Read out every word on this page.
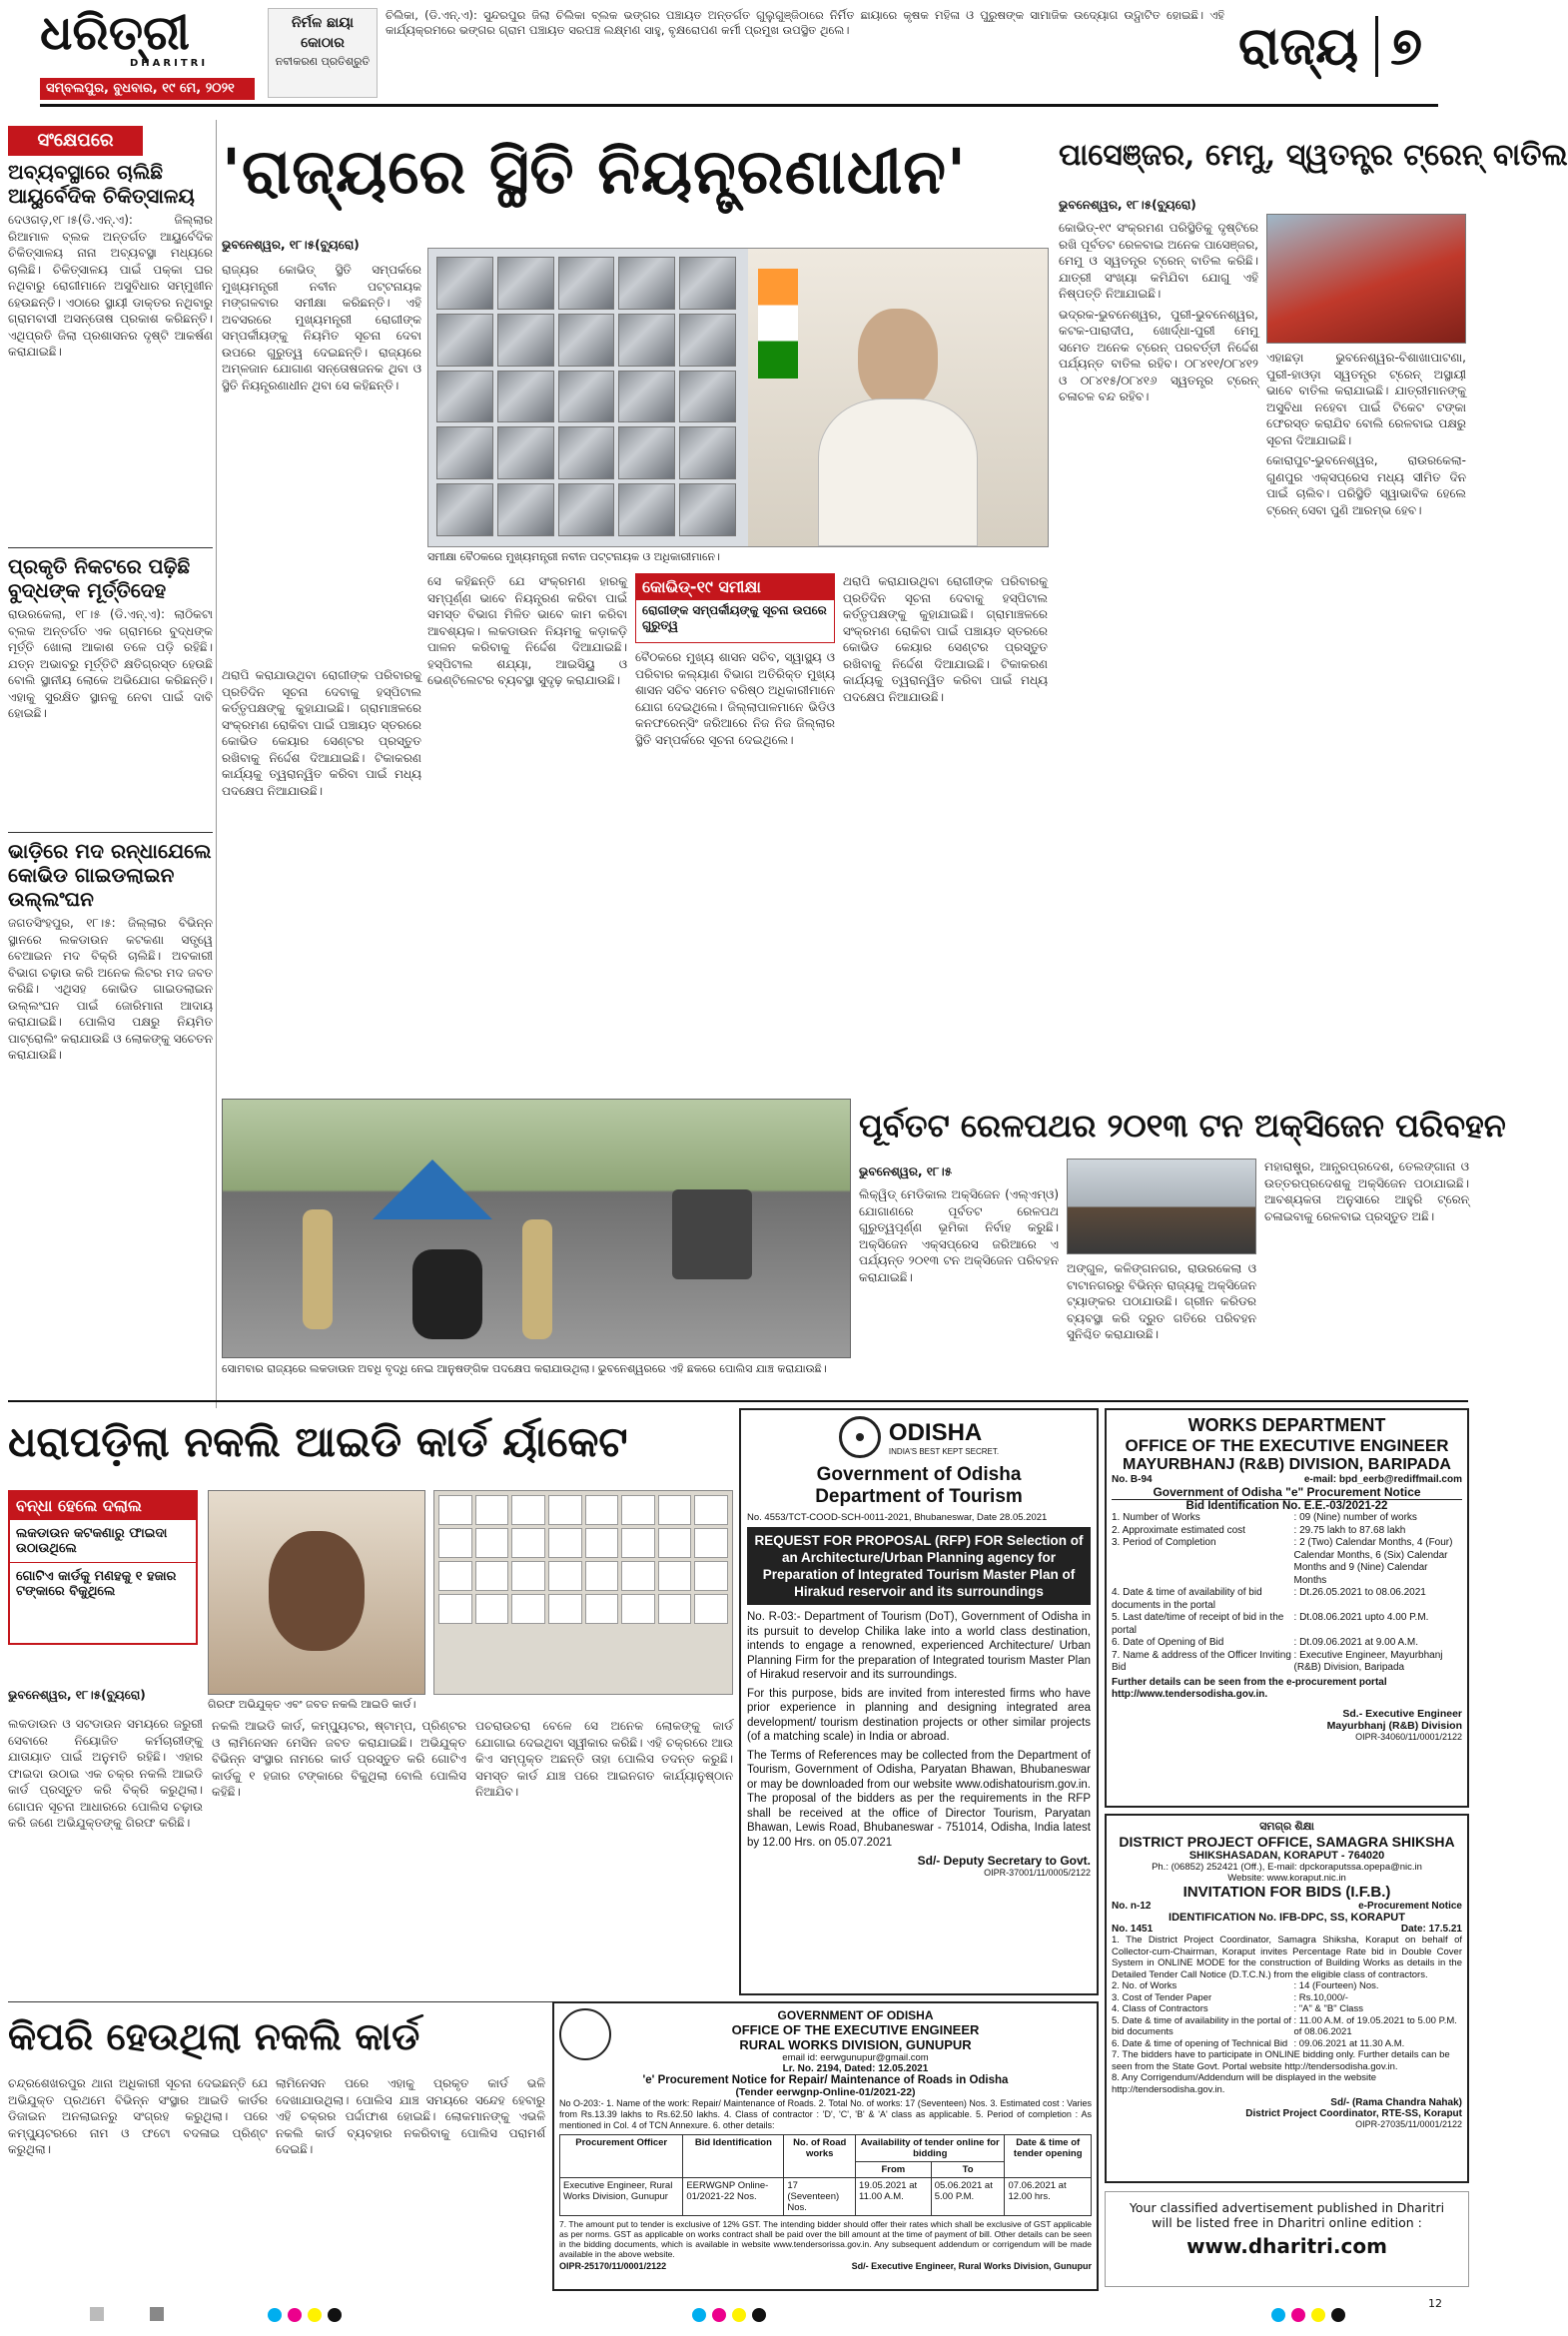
ଧରିତ୍ରୀ
DHARITRI
ସମ୍ବଲପୁର, ବୁଧବାର, ୧୯ ମେ, ୨୦୨୧
ନିର୍ମଳ ଛାୟା
କୋଠାର
ନବୀକରଣ ପ୍ରତିଶ୍ରୁତି
ଚିଲିକା, (ଡି.ଏନ୍.ଏ): ସୁନ୍ଦରପୁର ଜିଲା ଚିଲିକା ବ୍ଲକ ଭଙ୍ଗର ପଞ୍ଚାୟତ ଅନ୍ତର୍ଗତ ଗୁଲୁଗୁଞ୍ଜିଠାରେ ନିର୍ମିତ ଛାୟାରେ କୃଷକ ମହିଳା ଓ ପୁରୁଷଙ୍କ ସାମାଜିକ ଉଦ୍ୟୋଗ ଉଦ୍ଘାଟିତ ହୋଇଛି। ଏହି କାର୍ଯ୍ୟକ୍ରମରେ ଭଙ୍ଗର ଗ୍ରାମ ପଞ୍ଚାୟତ ସରପଞ୍ଚ ଲକ୍ଷ୍ମଣ ସାହୁ, ବୃକ୍ଷରୋପଣ କର୍ମୀ ପ୍ରମୁଖ ଉପସ୍ଥିତ ଥିଲେ।	ରାଜ୍ୟ ୭
ସଂକ୍ଷେପରେ
ଅବ୍ୟବସ୍ଥାରେ ଚାଲିଛି ଆୟୁର୍ବେଦିକ ଚିକିତ୍ସାଳୟ
ଦେଓଗଡ଼,୧୮।୫(ଡି.ଏନ୍.ଏ): ଜିଲ୍ଲାର ରିଆମାଳ ବ୍ଲକ ଅନ୍ତର୍ଗତ ଆୟୁର୍ବେଦିକ ଚିକିତ୍ସାଳୟ ନାନା ଅବ୍ୟବସ୍ଥା ମଧ୍ୟରେ ଚାଲିଛି। ଚିକିତ୍ସାଳୟ ପାଇଁ ପକ୍କା ଘର ନଥିବାରୁ ରୋଗୀମାନେ ଅସୁବିଧାର ସମ୍ମୁଖୀନ ହେଉଛନ୍ତି। ଏଠାରେ ସ୍ଥାୟୀ ଡାକ୍ତର ନଥିବାରୁ ଗ୍ରାମବାସୀ ଅସନ୍ତୋଷ ପ୍ରକାଶ କରିଛନ୍ତି। ଏଥିପ୍ରତି ଜିଲା ପ୍ରଶାସନର ଦୃଷ୍ଟି ଆକର୍ଷଣ କରାଯାଇଛି।
ପ୍ରକୃତି ନିକଟରେ ପଢ଼ିଛି ବୁଦ୍ଧଙ୍କ ମୂର୍ତ୍ତିଦେହ
ରାଉରକେଲା, ୧୮।୫ (ଡି.ଏନ୍.ଏ): ଲାଠିକଟା ବ୍ଲକ ଅନ୍ତର୍ଗତ ଏକ ଗ୍ରାମରେ ବୁଦ୍ଧଙ୍କ ମୂର୍ତ୍ତି ଖୋଲା ଆକାଶ ତଳେ ପଡ଼ି ରହିଛି। ଯତ୍ନ ଅଭାବରୁ ମୂର୍ତ୍ତିଟି କ୍ଷତିଗ୍ରସ୍ତ ହେଉଛି ବୋଲି ସ୍ଥାନୀୟ ଲୋକେ ଅଭିଯୋଗ କରିଛନ୍ତି। ଏହାକୁ ସୁରକ୍ଷିତ ସ୍ଥାନକୁ ନେବା ପାଇଁ ଦାବି ହୋଇଛି।
ଭାଡ଼ିରେ ମଦ ରନ୍ଧାଯେଲେ କୋଭିଡ ଗାଇଡଲାଇନ ଉଲ୍ଲଂଘନ
ଜଗତସିଂହପୁର, ୧୮।୫: ଜିଲ୍ଲାର ବିଭିନ୍ନ ସ୍ଥାନରେ ଲକଡାଉନ କଟକଣା ସତ୍ତ୍ୱେ ବେଆଇନ ମଦ ବିକ୍ରି ଚାଲିଛି। ଅବକାରୀ ବିଭାଗ ଚଢ଼ାଉ କରି ଅନେକ ଲିଟର ମଦ ଜବତ କରିଛି। ଏଥିସହ କୋଭିଡ ଗାଇଡଲାଇନ ଉଲ୍ଲଂଘନ ପାଇଁ ଜୋରିମାନା ଆଦାୟ କରାଯାଇଛି। ପୋଲିସ ପକ୍ଷରୁ ନିୟମିତ ପାଟ୍ରୋଲିଂ କରାଯାଉଛି ଓ ଲୋକଙ୍କୁ ସଚେତନ କରାଯାଉଛି।
'ରାଜ୍ୟରେ ସ୍ଥିତି ନିୟନ୍ତ୍ରଣାଧୀନ'
ଭୁବନେଶ୍ୱର, ୧୮।୫(ବ୍ୟୁରୋ)
ରାଜ୍ୟର କୋଭିଡ୍ ସ୍ଥିତି ସମ୍ପର୍କରେ ମୁଖ୍ୟମନ୍ତ୍ରୀ ନବୀନ ପଟ୍ଟନାୟକ ମଙ୍ଗଳବାର ସମୀକ୍ଷା କରିଛନ୍ତି। ଏହି ଅବସରରେ ମୁଖ୍ୟମନ୍ତ୍ରୀ ରୋଗୀଙ୍କ ସମ୍ପର୍କୀୟଙ୍କୁ ନିୟମିତ ସୂଚନା ଦେବା ଉପରେ ଗୁରୁତ୍ୱ ଦେଇଛନ୍ତି। ରାଜ୍ୟରେ ଅମ୍ଳଜାନ ଯୋଗାଣ ସନ୍ତୋଷଜନକ ଥିବା ଓ ସ୍ଥିତି ନିୟନ୍ତ୍ରଣାଧୀନ ଥିବା ସେ କହିଛନ୍ତି।
ସମୀକ୍ଷା ବୈଠକରେ ମୁଖ୍ୟମନ୍ତ୍ରୀ ନବୀନ ପଟ୍ଟନାୟକ ଓ ଅଧିକାରୀମାନେ।
ସେ କହିଛନ୍ତି ଯେ ସଂକ୍ରମଣ ହାରକୁ ସମ୍ପୂର୍ଣ୍ଣ ଭାବେ ନିୟନ୍ତ୍ରଣ କରିବା ପାଇଁ ସମସ୍ତ ବିଭାଗ ମିଳିତ ଭାବେ କାମ କରିବା ଆବଶ୍ୟକ। ଲକଡାଉନ ନିୟମକୁ କଡ଼ାକଡ଼ି ପାଳନ କରିବାକୁ ନିର୍ଦ୍ଦେଶ ଦିଆଯାଇଛି। ହସ୍ପିଟାଲ ଶଯ୍ୟା, ଆଇସିୟୁ ଓ ଭେଣ୍ଟିଲେଟର ବ୍ୟବସ୍ଥା ସୁଦୃଢ଼ କରାଯାଉଛି।
କୋଭିଡ୍-୧୯ ସମୀକ୍ଷା
ରୋଗୀଙ୍କ ସମ୍ପର୍କୀୟଙ୍କୁ ସୂଚନା ଉପରେ ଗୁରୁତ୍ୱ
ବୈଠକରେ ମୁଖ୍ୟ ଶାସନ ସଚିବ, ସ୍ୱାସ୍ଥ୍ୟ ଓ ପରିବାର କଲ୍ୟାଣ ବିଭାଗ ଅତିରିକ୍ତ ମୁଖ୍ୟ ଶାସନ ସଚିବ ସମେତ ବରିଷ୍ଠ ଅଧିକାରୀମାନେ ଯୋଗ ଦେଇଥିଲେ। ଜିଲ୍ଲାପାଳମାନେ ଭିଡିଓ କନଫରେନ୍ସିଂ ଜରିଆରେ ନିଜ ନିଜ ଜିଲ୍ଲାର ସ୍ଥିତି ସମ୍ପର୍କରେ ସୂଚନା ଦେଇଥିଲେ।
ଥରାପି କରାଯାଉଥିବା ରୋଗୀଙ୍କ ପରିବାରକୁ ପ୍ରତିଦିନ ସୂଚନା ଦେବାକୁ ହସ୍ପିଟାଲ କର୍ତ୍ତୃପକ୍ଷଙ୍କୁ କୁହାଯାଇଛି। ଗ୍ରାମାଞ୍ଚଳରେ ସଂକ୍ରମଣ ରୋକିବା ପାଇଁ ପଞ୍ଚାୟତ ସ୍ତରରେ କୋଭିଡ କେୟାର ସେଣ୍ଟର ପ୍ରସ୍ତୁତ ରଖିବାକୁ ନିର୍ଦ୍ଦେଶ ଦିଆଯାଇଛି। ଟିକାକରଣ କାର୍ଯ୍ୟକୁ ତ୍ୱରାନ୍ୱିତ କରିବା ପାଇଁ ମଧ୍ୟ ପଦକ୍ଷେପ ନିଆଯାଉଛି।
ଥରାପି କରାଯାଉଥିବା ରୋଗୀଙ୍କ ପରିବାରକୁ ପ୍ରତିଦିନ ସୂଚନା ଦେବାକୁ ହସ୍ପିଟାଲ କର୍ତ୍ତୃପକ୍ଷଙ୍କୁ କୁହାଯାଇଛି। ଗ୍ରାମାଞ୍ଚଳରେ ସଂକ୍ରମଣ ରୋକିବା ପାଇଁ ପଞ୍ଚାୟତ ସ୍ତରରେ କୋଭିଡ କେୟାର ସେଣ୍ଟର ପ୍ରସ୍ତୁତ ରଖିବାକୁ ନିର୍ଦ୍ଦେଶ ଦିଆଯାଇଛି। ଟିକାକରଣ କାର୍ଯ୍ୟକୁ ତ୍ୱରାନ୍ୱିତ କରିବା ପାଇଁ ମଧ୍ୟ ପଦକ୍ଷେପ ନିଆଯାଉଛି।
ପାସେଞ୍ଜର, ମେମୁ, ସ୍ୱତନ୍ତ୍ର ଟ୍ରେନ୍ ବାତିଲ
ଭୁବନେଶ୍ୱର, ୧୮।୫(ବ୍ୟୁରୋ)

କୋଭିଡ୍-୧୯ ସଂକ୍ରମଣ ପରିସ୍ଥିତିକୁ ଦୃଷ୍ଟିରେ ରଖି ପୂର୍ବତଟ ରେଳବାଇ ଅନେକ ପାସେଞ୍ଜର, ମେମୁ ଓ ସ୍ୱତନ୍ତ୍ର ଟ୍ରେନ୍ ବାତିଲ କରିଛି। ଯାତ୍ରୀ ସଂଖ୍ୟା କମିଯିବା ଯୋଗୁ ଏହି ନିଷ୍ପତ୍ତି ନିଆଯାଇଛି।

ଭଦ୍ରକ-ଭୁବନେଶ୍ୱର, ପୁରୀ-ଭୁବନେଶ୍ୱର, କଟକ-ପାରାଦୀପ, ଖୋର୍ଦ୍ଧା-ପୁରୀ ମେମୁ ସମେତ ଅନେକ ଟ୍ରେନ୍ ପରବର୍ତ୍ତୀ ନିର୍ଦ୍ଦେଶ ପର୍ଯ୍ୟନ୍ତ ବାତିଲ ରହିବ। ୦୮୪୧୧/୦୮୪୧୨ ଓ ୦୮୪୧୫/୦୮୪୧୬ ସ୍ୱତନ୍ତ୍ର ଟ୍ରେନ୍ ଚଳାଚଳ ବନ୍ଦ ରହିବ।

ଏହାଛଡ଼ା ଭୁବନେଶ୍ୱର-ବିଶାଖାପାଟଣା, ପୁରୀ-ହାଓଡ଼ା ସ୍ୱତନ୍ତ୍ର ଟ୍ରେନ୍ ଅସ୍ଥାୟୀ ଭାବେ ବାତିଲ କରାଯାଇଛି। ଯାତ୍ରୀମାନଙ୍କୁ ଅସୁବିଧା ନହେବା ପାଇଁ ଟିକେଟ ଟଙ୍କା ଫେରସ୍ତ କରାଯିବ ବୋଲି ରେଳବାଇ ପକ୍ଷରୁ ସୂଚନା ଦିଆଯାଇଛି।

କୋରାପୁଟ-ଭୁବନେଶ୍ୱର, ରାଉରକେଲା-ଗୁଣପୁର ଏକ୍ସପ୍ରେସ ମଧ୍ୟ ସୀମିତ ଦିନ ପାଇଁ ଚାଲିବ। ପରିସ୍ଥିତି ସ୍ୱାଭାବିକ ହେଲେ ଟ୍ରେନ୍ ସେବା ପୁଣି ଆରମ୍ଭ ହେବ।

ସୋମବାର ରାଜ୍ୟରେ ଲକଡାଉନ ଅବଧି ବୃଦ୍ଧି ନେଇ ଆନୁଷଙ୍ଗିକ ପଦକ୍ଷେପ କରାଯାଉଥିଲା। ଭୁବନେଶ୍ୱରରେ ଏହି ଛକରେ ପୋଲିସ ଯାଞ୍ଚ କରାଯାଉଛି।
ପୂର୍ବତଟ ରେଳପଥର ୨୦୧୩ ଟନ ଅକ୍ସିଜେନ ପରିବହନ
ଭୁବନେଶ୍ୱର, ୧୮।୫
ଲିକ୍ୱିଡ୍ ମେଡିକାଲ ଅକ୍ସିଜେନ (ଏଲ୍ଏମ୍ଓ) ଯୋଗାଣରେ ପୂର୍ବତଟ ରେଳପଥ ଗୁରୁତ୍ୱପୂର୍ଣ୍ଣ ଭୂମିକା ନିର୍ବାହ କରୁଛି। ଅକ୍ସିଜେନ ଏକ୍ସପ୍ରେସ ଜରିଆରେ ଏ ପର୍ଯ୍ୟନ୍ତ ୨୦୧୩ ଟନ ଅକ୍ସିଜେନ ପରିବହନ କରାଯାଇଛି।
ଅଙ୍ଗୁଳ, କଳିଙ୍ଗନଗର, ରାଉରକେଲା ଓ ଟାଟାନଗରରୁ ବିଭିନ୍ନ ରାଜ୍ୟକୁ ଅକ୍ସିଜେନ ଟ୍ୟାଙ୍କର ପଠାଯାଉଛି। ଗ୍ରୀନ କରିଡର ବ୍ୟବସ୍ଥା କରି ଦ୍ରୁତ ଗତିରେ ପରିବହନ ସୁନିଶ୍ଚିତ କରାଯାଉଛି।
ମହାରାଷ୍ଟ୍ର, ଆନ୍ଧ୍ରପ୍ରଦେଶ, ତେଲଙ୍ଗାନା ଓ ଉତ୍ତରପ୍ରଦେଶକୁ ଅକ୍ସିଜେନ ପଠାଯାଇଛି। ଆବଶ୍ୟକତା ଅନୁସାରେ ଆହୁରି ଟ୍ରେନ୍ ଚଳାଇବାକୁ ରେଳବାଇ ପ୍ରସ୍ତୁତ ଅଛି।
ଧରାପଡ଼ିଲା ନକଲି ଆଇଡି କାର୍ଡ ର୍ୟାକେଟ
ବନ୍ଧା ହେଲେ ଦଲାଲ
ଲକଡାଉନ କଟକଣାରୁ ଫାଇଦା ଉଠାଉଥିଲେ
ଗୋଟିଏ କାର୍ଡକୁ ମଣହକୁ ୧ ହଜାର ଟଙ୍କାରେ ବିକୁଥିଲେ
ଗିରଫ ଅଭିଯୁକ୍ତ ଏବଂ ଜବତ ନକଲି ଆଇଡି କାର୍ଡ।
ଭୁବନେଶ୍ୱର, ୧୮।୫(ବ୍ୟୁରୋ)
ଲକଡାଉନ ଓ ସଟଡାଉନ ସମୟରେ ଜରୁରୀ ସେବାରେ ନିୟୋଜିତ କର୍ମଚାରୀଙ୍କୁ ଯାତାୟାତ ପାଇଁ ଅନୁମତି ରହିଛି। ଏହାର ଫାଇଦା ଉଠାଇ ଏକ ଚକ୍ର ନକଲି ଆଇଡି କାର୍ଡ ପ୍ରସ୍ତୁତ କରି ବିକ୍ରି କରୁଥିଲା। ଗୋପନ ସୂଚନା ଆଧାରରେ ପୋଲିସ ଚଢ଼ାଉ କରି ଜଣେ ଅଭିଯୁକ୍ତଙ୍କୁ ଗିରଫ କରିଛି।
ନକଲି ଆଇଡି କାର୍ଡ, କମ୍ପ୍ୟୁଟର, ଷ୍ଟାମ୍ପ, ପ୍ରିଣ୍ଟର ଓ ଲାମିନେସନ ମେସିନ ଜବତ କରାଯାଇଛି। ଅଭିଯୁକ୍ତ ବିଭିନ୍ନ ସଂସ୍ଥାର ନାମରେ କାର୍ଡ ପ୍ରସ୍ତୁତ କରି ଗୋଟିଏ କାର୍ଡକୁ ୧ ହଜାର ଟଙ୍କାରେ ବିକୁଥିଲା ବୋଲି ପୋଲିସ କହିଛି।
ପଚରାଉଚରା ବେଳେ ସେ ଅନେକ ଲୋକଙ୍କୁ କାର୍ଡ ଯୋଗାଇ ଦେଇଥିବା ସ୍ୱୀକାର କରିଛି। ଏହି ଚକ୍ରରେ ଆଉ କିଏ ସମ୍ପୃକ୍ତ ଅଛନ୍ତି ତାହା ପୋଲିସ ତଦନ୍ତ କରୁଛି। ସମସ୍ତ କାର୍ଡ ଯାଞ୍ଚ ପରେ ଆଇନଗତ କାର୍ଯ୍ୟାନୁଷ୍ଠାନ ନିଆଯିବ।
କିପରି ହେଉଥିଲା ନକଲି କାର୍ଡ
ଚନ୍ଦ୍ରଶେଖରପୁର ଥାନା ଅଧିକାରୀ ସୂଚନା ଦେଇଛନ୍ତି ଯେ ଅଭିଯୁକ୍ତ ପ୍ରଥମେ ବିଭିନ୍ନ ସଂସ୍ଥାର ଆଇଡି କାର୍ଡର ଡିଜାଇନ ଅନଲାଇନରୁ ସଂଗ୍ରହ କରୁଥିଲା। ପରେ କମ୍ପ୍ୟୁଟରରେ ନାମ ଓ ଫଟୋ ବଦଳାଇ ପ୍ରିଣ୍ଟ କରୁଥିଲା।
ଲାମିନେସନ ପରେ ଏହାକୁ ପ୍ରକୃତ କାର୍ଡ ଭଳି ଦେଖାଯାଉଥିଲା। ପୋଲିସ ଯାଞ୍ଚ ସମୟରେ ସନ୍ଦେହ ହେବାରୁ ଏହି ଚକ୍ରର ପର୍ଦ୍ଦାଫାଶ ହୋଇଛି। ଲୋକମାନଙ୍କୁ ଏଭଳି ନକଲି କାର୍ଡ ବ୍ୟବହାର ନକରିବାକୁ ପୋଲିସ ପରାମର୍ଶ ଦେଇଛି।
ODISHA
INDIA'S BEST KEPT SECRET.
Government of Odisha
Department of Tourism
No. 4553/TCT-COOD-SCH-0011-2021, Bhubaneswar, Date 28.05.2021
REQUEST FOR PROPOSAL (RFP) FOR Selection of an Architecture/Urban Planning agency for Preparation of Integrated Tourism Master Plan of Hirakud reservoir and its surroundings
No. R-03:- Department of Tourism (DoT), Government of Odisha in its pursuit to develop Chilika lake into a world class destination, intends to engage a renowned, experienced Architecture/ Urban Planning Firm for the preparation of Integrated tourism Master Plan of Hirakud reservoir and its surroundings.
For this purpose, bids are invited from interested firms who have prior experience in planning and designing integrated area development/ tourism destination projects or other similar projects (of a matching scale) in India or abroad.
The Terms of References may be collected from the Department of Tourism, Government of Odisha, Paryatan Bhawan, Bhubaneswar or may be downloaded from our website www.odishatourism.gov.in. The proposal of the bidders as per the requirements in the RFP shall be received at the office of Director Tourism, Paryatan Bhawan, Lewis Road, Bhubaneswar - 751014, Odisha, India latest by 12.00 Hrs. on 05.07.2021
Sd/- Deputy Secretary to Govt.
OIPR-37001/11/0005/2122
WORKS DEPARTMENT
OFFICE OF THE EXECUTIVE ENGINEER
MAYURBHANJ (R&B) DIVISION, BARIPADA
No. B-94	e-mail: bpd_eerb@rediffmail.com
Government of Odisha "e" Procurement Notice
Bid Identification No. E.E.-03/2021-22
1. Number of Works	: 09 (Nine) number of works
2. Approximate estimated cost	: 29.75 lakh to 87.68 lakh
3. Period of Completion	: 2 (Two) Calendar Months, 4 (Four) Calendar Months, 6 (Six) Calendar Months and 9 (Nine) Calendar Months
4. Date & time of availability of bid documents in the portal
: Dt.26.05.2021 to 08.06.2021
5. Last date/time of receipt of bid in the portal
: Dt.08.06.2021 upto 4.00 P.M.
6. Date of Opening of Bid	: Dt.09.06.2021 at 9.00 A.M.
7. Name & address of the Officer Inviting Bid
: Executive Engineer, Mayurbhanj (R&B) Division, Baripada
Further details can be seen from the e-procurement portal http://www.tendersodisha.gov.in.
Sd.- Executive Engineer
Mayurbhanj (R&B) Division
OIPR-34060/11/0001/2122
ସମଗ୍ର ଶିକ୍ଷା
DISTRICT PROJECT OFFICE, SAMAGRA SHIKSHA
SHIKSHASADAN, KORAPUT - 764020
Ph.: (06852) 252421 (Off.), E-mail: dpckoraputssa.opepa@nic.in
Website: www.koraput.nic.in
INVITATION FOR BIDS (I.F.B.)
No. n-12	e-Procurement Notice
IDENTIFICATION No. IFB-DPC, SS, KORAPUT
No. 1451	Date: 17.5.21
1. The District Project Coordinator, Samagra Shiksha, Koraput on behalf of Collector-cum-Chairman, Koraput invites Percentage Rate bid in Double Cover System in ONLINE MODE for the construction of Building Works as details in the Detailed Tender Call Notice (D.T.C.N.) from the eligible class of contractors.
2. No. of Works	: 14 (Fourteen) Nos.
3. Cost of Tender Paper	: Rs.10,000/-
4. Class of Contractors	: "A" & "B" Class
5. Date & time of availability in the portal of bid documents
: 11.00 A.M. of 19.05.2021 to 5.00 P.M. of 08.06.2021
6. Date & time of opening of Technical Bid : 09.06.2021 at 11.30 A.M.
7. The bidders have to participate in ONLINE bidding only. Further details can be seen from the State Govt. Portal website http://tendersodisha.gov.in.
8. Any Corrigendum/Addendum will be displayed in the website http://tendersodisha.gov.in.
Sd/- (Rama Chandra Nahak)
District Project Coordinator, RTE-SS, Koraput
OIPR-27035/11/0001/2122
GOVERNMENT OF ODISHA
OFFICE OF THE EXECUTIVE ENGINEER
RURAL WORKS DIVISION, GUNUPUR
email id: eerwgunupur@gmail.com
Lr. No. 2194, Dated: 12.05.2021
'e' Procurement Notice for Repair/ Maintenance of Roads in Odisha
(Tender eerwgnp-Online-01/2021-22)
No O-203:- 1. Name of the work: Repair/ Maintenance of Roads. 2. Total No. of works: 17 (Seventeen) Nos. 3. Estimated cost : Varies from Rs.13.39 lakhs to Rs.62.50 lakhs. 4. Class of contractor : 'D', 'C', 'B' & 'A' class as applicable. 5. Period of completion : As mentioned in Col. 4 of TCN Annexure. 6. other details:
Procurement Officer	Bid Identification	No. of Road works	Availability of tender online for bidding		Date & time of tender opening
			From	To	
Executive Engineer, Rural Works Division, Gunupur	EERWGNP Online- 01/2021-22 Nos.	17 (Seventeen) Nos.	19.05.2021 at 11.00 A.M.	05.06.2021 at 5.00 P.M.	07.06.2021 at 12.00 hrs.
7. The amount put to tender is exclusive of 12% GST. The intending bidder should offer their rates which shall be exclusive of GST applicable as per norms. GST as applicable on works contract shall be paid over the bill amount at the time of payment of bill. Other details can be seen in the bidding documents, which is available in website www.tendersorissa.gov.in. Any subsequent addendum or corrigendum will be made available in the above website.
OIPR-25170/11/0001/2122	Sd/- Executive Engineer, Rural Works Division, Gunupur
Your classified advertisement published in Dharitri
will be listed free in Dharitri online edition :
www.dharitri.com
12
